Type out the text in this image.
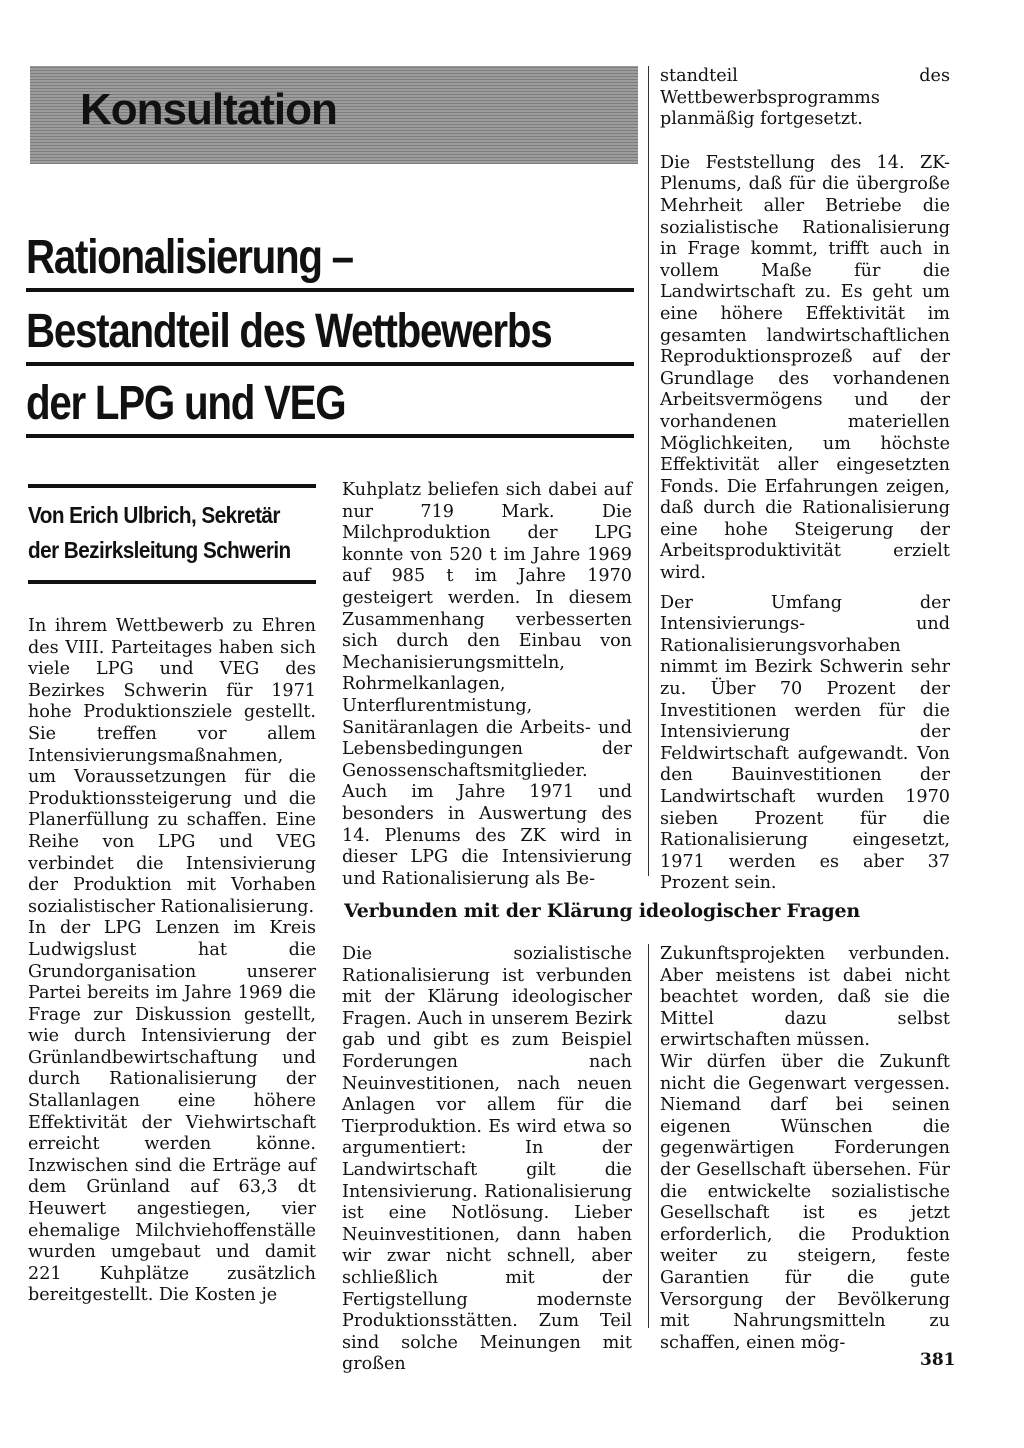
Konsultation
Rationalisierung –
Bestandteil des Wettbewerbs
der LPG und VEG
Von Erich Ulbrich, Sekretär
der Bezirksleitung Schwerin

In ihrem Wettbewerb zu Ehren des VIII. Parteitages haben sich viele LPG und VEG des Bezirkes Schwerin für 1971 hohe Produktionsziele gestellt. Sie treffen vor allem Intensivierungsmaßnahmen, um Voraussetzungen für die Produktionssteigerung und die Planerfüllung zu schaffen. Eine Reihe von LPG und VEG verbindet die Intensivierung der Produktion mit Vorhaben sozialistischer Rationalisierung.

In der LPG Lenzen im Kreis Ludwigslust hat die Grundorganisation unserer Partei bereits im Jahre 1969 die Frage zur Diskussion gestellt, wie durch Intensivierung der Grünlandbewirtschaftung und durch Rationalisierung der Stallanlagen eine höhere Effektivität der Viehwirtschaft erreicht werden könne. Inzwischen sind die Erträge auf dem Grünland auf 63,3 dt Heuwert angestiegen, vier ehemalige Milchviehoffenställe wurden umgebaut und damit 221 Kuhplätze zusätzlich bereitgestellt. Die Kosten je

Kuhplatz beliefen sich dabei auf nur 719 Mark. Die Milchproduktion der LPG konnte von 520 t im Jahre 1969 auf 985 t im Jahre 1970 gesteigert werden. In diesem Zusammenhang verbesserten sich durch den Einbau von Mechanisierungsmitteln, Rohrmelkanlagen, Unterflurentmistung, Sanitäranlagen die Arbeits- und Lebensbedingungen der Genossenschaftsmitglieder.

Auch im Jahre 1971 und besonders in Auswertung des 14. Plenums des ZK wird in dieser LPG die Intensivierung und Rationalisierung als Be-

standteil des Wettbewerbsprogramms planmäßig fortgesetzt.

Die Feststellung des 14. ZK-Plenums, daß für die übergroße Mehrheit aller Betriebe die sozialistische Rationalisierung in Frage kommt, trifft auch in vollem Maße für die Landwirtschaft zu. Es geht um eine höhere Effektivität im gesamten landwirtschaftlichen Reproduktionsprozeß auf der Grundlage des vorhandenen Arbeitsvermögens und der vorhandenen materiellen Möglichkeiten, um höchste Effektivität aller eingesetzten Fonds. Die Erfahrungen zeigen, daß durch die Rationalisierung eine hohe Steigerung der Arbeitsproduktivität erzielt wird.

Der Umfang der Intensivierungs- und Rationalisierungsvorhaben nimmt im Bezirk Schwerin sehr zu. Über 70 Prozent der Investitionen werden für die Intensivierung der Feldwirtschaft aufgewandt. Von den Bauinvestitionen der Landwirtschaft wurden 1970 sieben Prozent für die Rationalisierung eingesetzt, 1971 werden es aber 37 Prozent sein.

Verbunden mit der Klärung ideologischer Fragen

Die sozialistische Rationalisierung ist verbunden mit der Klärung ideologischer Fragen. Auch in unserem Bezirk gab und gibt es zum Beispiel Forderungen nach Neuinvestitionen, nach neuen Anlagen vor allem für die Tierproduktion. Es wird etwa so argumentiert: In der Landwirtschaft gilt die Intensivierung. Rationalisierung ist eine Notlösung. Lieber Neuinvestitionen, dann haben wir zwar nicht schnell, aber schließlich mit der Fertigstellung modernste Produktionsstätten. Zum Teil sind solche Meinungen mit großen

Zukunftsprojekten verbunden. Aber meistens ist dabei nicht beachtet worden, daß sie die Mittel dazu selbst erwirtschaften müssen.

Wir dürfen über die Zukunft nicht die Gegenwart vergessen. Niemand darf bei seinen eigenen Wünschen die gegenwärtigen Forderungen der Gesellschaft übersehen. Für die entwickelte sozialistische Gesellschaft ist es jetzt erforderlich, die Produktion weiter zu steigern, feste Garantien für die gute Versorgung der Bevölkerung mit Nahrungsmitteln zu schaffen, einen mög-

381
